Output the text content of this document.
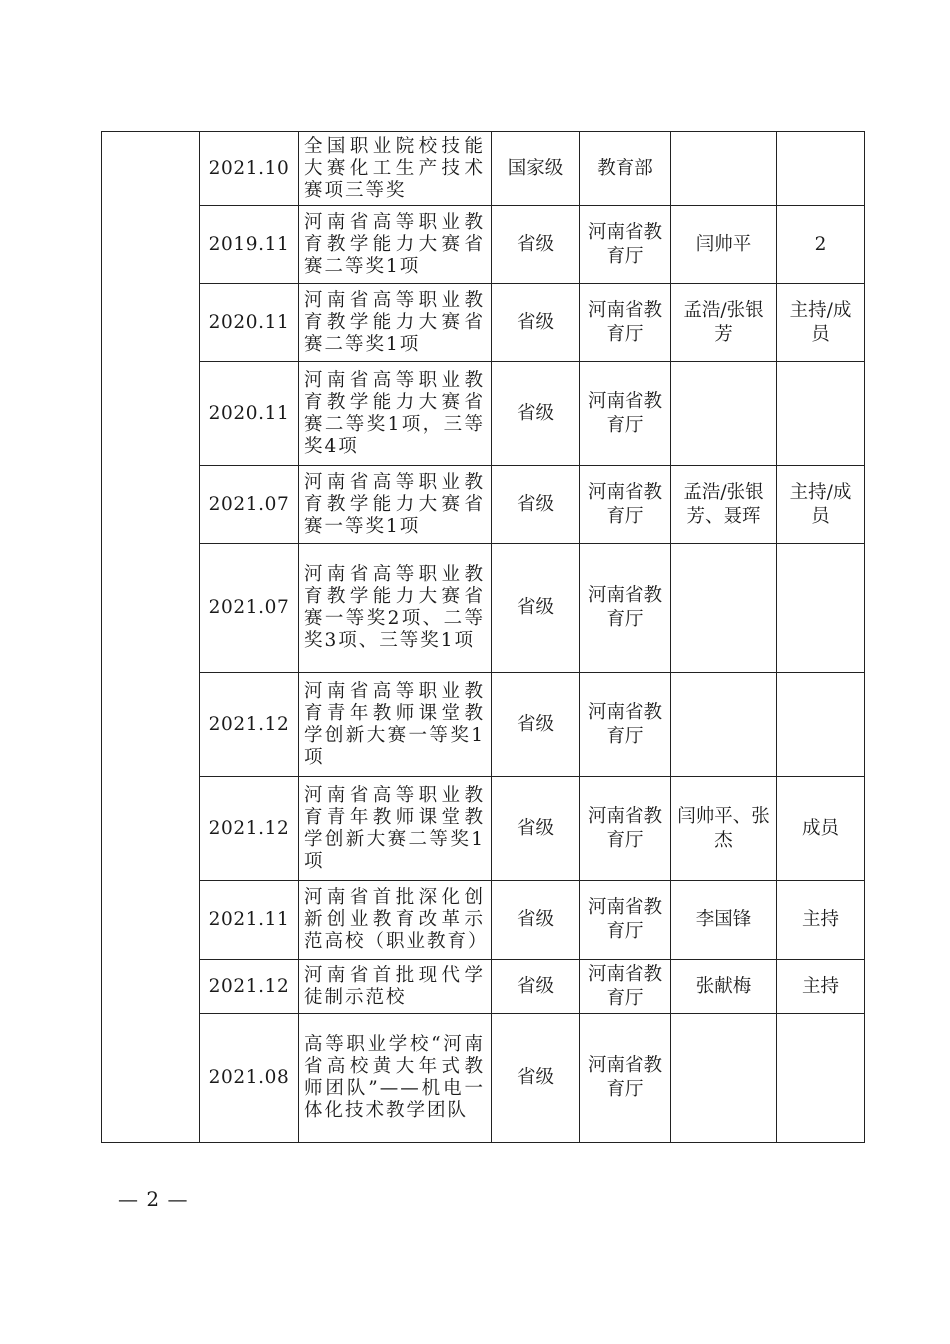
	2021.10	全国职业院校技能大赛化工生产技术赛项三等奖	国家级	教育部		
	2019.11	河南省高等职业教育教学能力大赛省赛二等奖1项	省级	河南省教育厅	闫帅平	2
	2020.11	河南省高等职业教育教学能力大赛省赛二等奖1项	省级	河南省教育厅	孟浩/张银芳	主持/成员
	2020.11	河南省高等职业教育教学能力大赛省赛二等奖1项，三等奖4项	省级	河南省教育厅		
	2021.07	河南省高等职业教育教学能力大赛省赛一等奖1项	省级	河南省教育厅	孟浩/张银芳、聂珲	主持/成员
	2021.07	河南省高等职业教育教学能力大赛省赛一等奖2项、二等奖3项、三等奖1项	省级	河南省教育厅		
	2021.12	河南省高等职业教育青年教师课堂教学创新大赛一等奖1项	省级	河南省教育厅		
	2021.12	河南省高等职业教育青年教师课堂教学创新大赛二等奖1项	省级	河南省教育厅	闫帅平、张杰	成员
	2021.11	河南省首批深化创新创业教育改革示范高校（职业教育）	省级	河南省教育厅	李国锋	主持
	2021.12	河南省首批现代学徒制示范校	省级	河南省教育厅	张献梅	主持
	2021.08	高等职业学校“河南省高校黄大年式教师团队”——机电一体化技术教学团队	省级	河南省教育厅		
— 2 —
